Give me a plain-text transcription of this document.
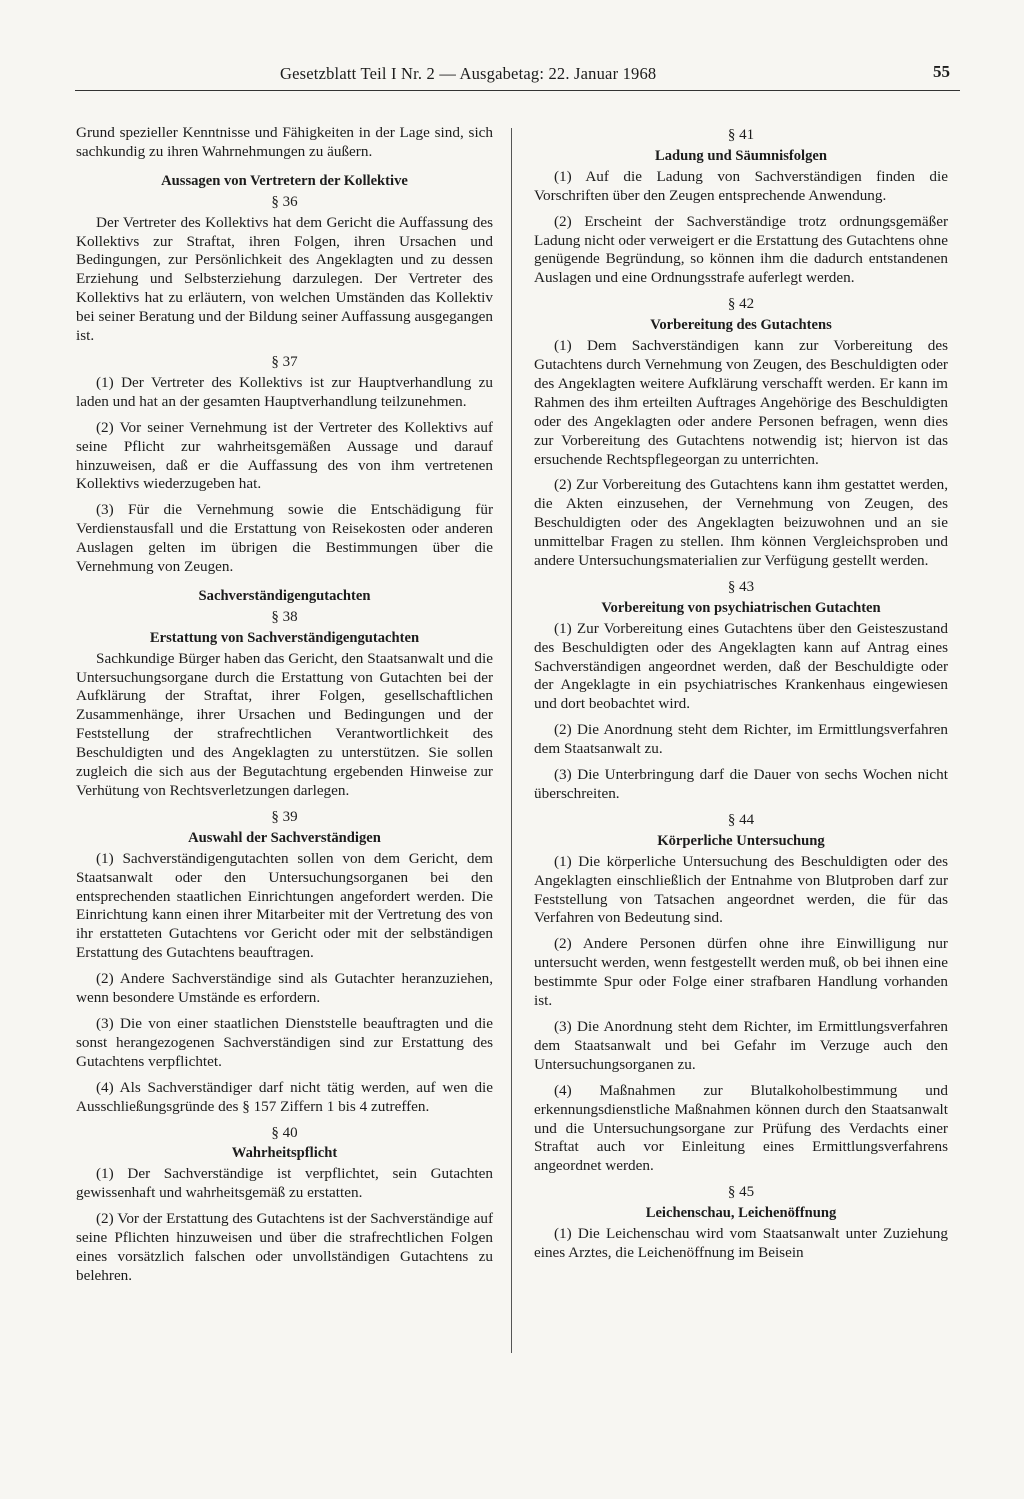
Gesetzblatt Teil I Nr. 2 — Ausgabetag: 22. Januar 1968	55

Grund spezieller Kenntnisse und Fähigkeiten in der Lage sind, sich sachkundig zu ihren Wahrnehmungen zu äußern.

Aussagen von Vertretern der Kollektive
§ 36

Der Vertreter des Kollektivs hat dem Gericht die Auffassung des Kollektivs zur Straftat, ihren Folgen, ihren Ursachen und Bedingungen, zur Persönlichkeit des Angeklagten und zu dessen Erziehung und Selbsterziehung darzulegen. Der Vertreter des Kollektivs hat zu erläutern, von welchen Umständen das Kollektiv bei seiner Beratung und der Bildung seiner Auffassung ausgegangen ist.

§ 37

(1) Der Vertreter des Kollektivs ist zur Hauptverhandlung zu laden und hat an der gesamten Hauptverhandlung teilzunehmen.

(2) Vor seiner Vernehmung ist der Vertreter des Kollektivs auf seine Pflicht zur wahrheitsgemäßen Aussage und darauf hinzuweisen, daß er die Auffassung des von ihm vertretenen Kollektivs wiederzugeben hat.

(3) Für die Vernehmung sowie die Entschädigung für Verdienstausfall und die Erstattung von Reisekosten oder anderen Auslagen gelten im übrigen die Bestimmungen über die Vernehmung von Zeugen.

Sachverständigengutachten
§ 38
Erstattung von Sachverständigengutachten

Sachkundige Bürger haben das Gericht, den Staatsanwalt und die Untersuchungsorgane durch die Erstattung von Gutachten bei der Aufklärung der Straftat, ihrer Folgen, gesellschaftlichen Zusammenhänge, ihrer Ursachen und Bedingungen und der Feststellung der strafrechtlichen Verantwortlichkeit des Beschuldigten und des Angeklagten zu unterstützen. Sie sollen zugleich die sich aus der Begutachtung ergebenden Hinweise zur Verhütung von Rechtsverletzungen darlegen.

§ 39
Auswahl der Sachverständigen

(1) Sachverständigengutachten sollen von dem Gericht, dem Staatsanwalt oder den Untersuchungsorganen bei den entsprechenden staatlichen Einrichtungen angefordert werden. Die Einrichtung kann einen ihrer Mitarbeiter mit der Vertretung des von ihr erstatteten Gutachtens vor Gericht oder mit der selbständigen Erstattung des Gutachtens beauftragen.

(2) Andere Sachverständige sind als Gutachter heranzuziehen, wenn besondere Umstände es erfordern.

(3) Die von einer staatlichen Dienststelle beauftragten und die sonst herangezogenen Sachverständigen sind zur Erstattung des Gutachtens verpflichtet.

(4) Als Sachverständiger darf nicht tätig werden, auf wen die Ausschließungsgründe des § 157 Ziffern 1 bis 4 zutreffen.

§ 40
Wahrheitspflicht

(1) Der Sachverständige ist verpflichtet, sein Gutachten gewissenhaft und wahrheitsgemäß zu erstatten.

(2) Vor der Erstattung des Gutachtens ist der Sachverständige auf seine Pflichten hinzuweisen und über die strafrechtlichen Folgen eines vorsätzlich falschen oder unvollständigen Gutachtens zu belehren.

§ 41
Ladung und Säumnisfolgen

(1) Auf die Ladung von Sachverständigen finden die Vorschriften über den Zeugen entsprechende Anwendung.

(2) Erscheint der Sachverständige trotz ordnungsgemäßer Ladung nicht oder verweigert er die Erstattung des Gutachtens ohne genügende Begründung, so können ihm die dadurch entstandenen Auslagen und eine Ordnungsstrafe auferlegt werden.

§ 42
Vorbereitung des Gutachtens

(1) Dem Sachverständigen kann zur Vorbereitung des Gutachtens durch Vernehmung von Zeugen, des Beschuldigten oder des Angeklagten weitere Aufklärung verschafft werden. Er kann im Rahmen des ihm erteilten Auftrages Angehörige des Beschuldigten oder des Angeklagten oder andere Personen befragen, wenn dies zur Vorbereitung des Gutachtens notwendig ist; hiervon ist das ersuchende Rechtspflegeorgan zu unterrichten.

(2) Zur Vorbereitung des Gutachtens kann ihm gestattet werden, die Akten einzusehen, der Vernehmung von Zeugen, des Beschuldigten oder des Angeklagten beizuwohnen und an sie unmittelbar Fragen zu stellen. Ihm können Vergleichsproben und andere Untersuchungsmaterialien zur Verfügung gestellt werden.

§ 43
Vorbereitung von psychiatrischen Gutachten

(1) Zur Vorbereitung eines Gutachtens über den Geisteszustand des Beschuldigten oder des Angeklagten kann auf Antrag eines Sachverständigen angeordnet werden, daß der Beschuldigte oder der Angeklagte in ein psychiatrisches Krankenhaus eingewiesen und dort beobachtet wird.

(2) Die Anordnung steht dem Richter, im Ermittlungsverfahren dem Staatsanwalt zu.

(3) Die Unterbringung darf die Dauer von sechs Wochen nicht überschreiten.

§ 44
Körperliche Untersuchung

(1) Die körperliche Untersuchung des Beschuldigten oder des Angeklagten einschließlich der Entnahme von Blutproben darf zur Feststellung von Tatsachen angeordnet werden, die für das Verfahren von Bedeutung sind.

(2) Andere Personen dürfen ohne ihre Einwilligung nur untersucht werden, wenn festgestellt werden muß, ob bei ihnen eine bestimmte Spur oder Folge einer strafbaren Handlung vorhanden ist.

(3) Die Anordnung steht dem Richter, im Ermittlungsverfahren dem Staatsanwalt und bei Gefahr im Verzuge auch den Untersuchungsorganen zu.

(4) Maßnahmen zur Blutalkoholbestimmung und erkennungsdienstliche Maßnahmen können durch den Staatsanwalt und die Untersuchungsorgane zur Prüfung des Verdachts einer Straftat auch vor Einleitung eines Ermittlungsverfahrens angeordnet werden.

§ 45
Leichenschau, Leichenöffnung

(1) Die Leichenschau wird vom Staatsanwalt unter Zuziehung eines Arztes, die Leichenöffnung im Beisein
